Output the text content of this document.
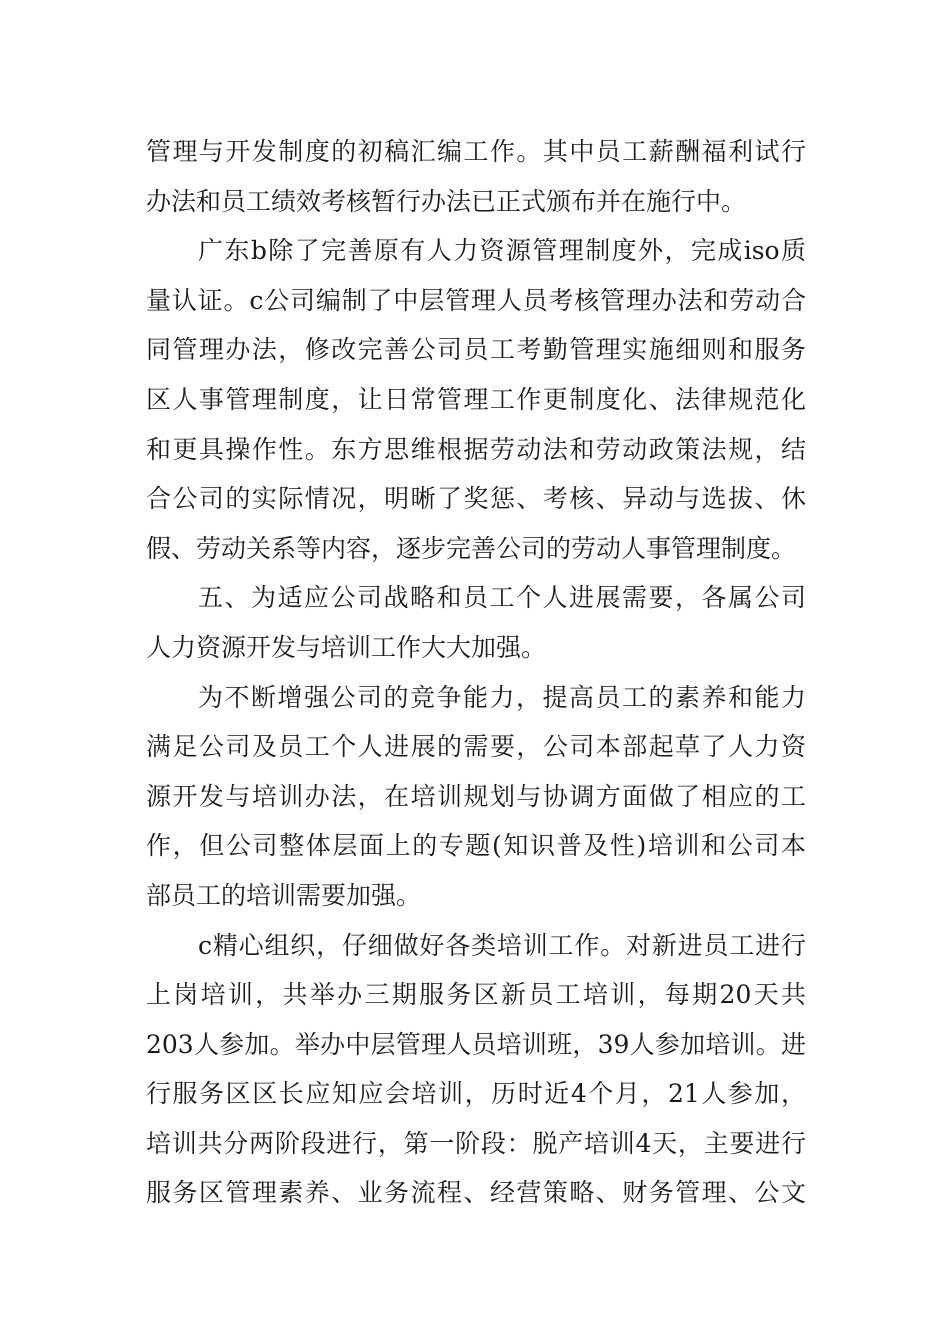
管理与开发制度的初稿汇编工作。其中员工薪酬福利试行
办法和员工绩效考核暂行办法已正式颁布并在施行中。
广东b除了完善原有人力资源管理制度外，完成iso质
量认证。c公司编制了中层管理人员考核管理办法和劳动合
同管理办法，修改完善公司员工考勤管理实施细则和服务
区人事管理制度，让日常管理工作更制度化、法律规范化
和更具操作性。东方思维根据劳动法和劳动政策法规，结
合公司的实际情况，明晰了奖惩、考核、异动与选拔、休
假、劳动关系等内容，逐步完善公司的劳动人事管理制度。
五、为适应公司战略和员工个人进展需要，各属公司
人力资源开发与培训工作大大加强。
为不断增强公司的竞争能力，提高员工的素养和能力
满足公司及员工个人进展的需要，公司本部起草了人力资
源开发与培训办法，在培训规划与协调方面做了相应的工
作，但公司整体层面上的专题(知识普及性)培训和公司本
部员工的培训需要加强。
c精心组织，仔细做好各类培训工作。对新进员工进行
上岗培训，共举办三期服务区新员工培训，每期20天共
203人参加。举办中层管理人员培训班，39人参加培训。进
行服务区区长应知应会培训，历时近4个月，21人参加，
培训共分两阶段进行，第一阶段：脱产培训4天，主要进行
服务区管理素养、业务流程、经营策略、财务管理、公文
